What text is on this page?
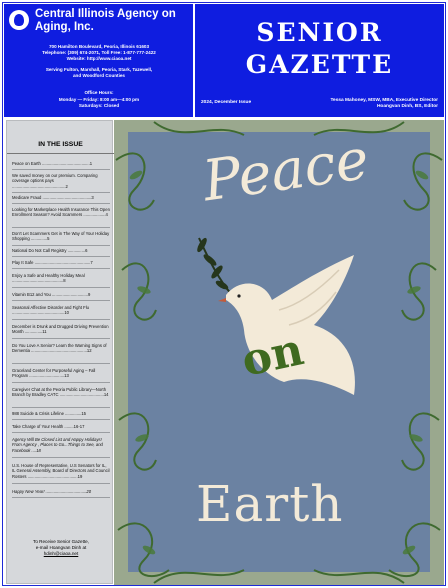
Central Illinois Agency on Aging, Inc.
700 Hamilton Boulevard, Peoria, Illinois 61603
Telephone: (309) 674-2071, Toll Free: 1-877-777-2422
Website: http://www.ciaoa.net
Serving Fulton, Marshall, Peoria, Stark, Tazewell,
and Woodford Counties
Office Hours:
Monday — Friday: 8:00 am—4:00 pm
Saturdays: Closed
SENIOR
GAZETTE
2024, December Issue	Tessa Mahoney, MSW, MBA, Executive Director
Hoangvan Dinh, BS, Editor
IN THE ISSUE
Peace on Earth .........................................1
We saved money on our premium. Comparing coverage options pays ..............................................2
Medicare Fraud ..........................................3
Looking for Marketplace Health Insurance This Open Enrollment Season? Avoid Scammers ...................4
Don't Let Scammers Get in The Way of Your Holiday Shopping ..............5
National Do Not Call Registry ...............6
Play It Safe ................................................7
Enjoy a Safe and Healthy Holiday Meal ............................................8
Vitamin B12 and You ...............................9
Seasonal Affective Disorder and Fight Flu .............................................10
December is Drunk and Drugged Driving Prevention Month ...............11
Do You Love A Senior? Learn the Warning Signs of Dementia ................................................12
Graceland Center for Purposeful Aging – Fall Program ..............................13
Caregiver Chat at the Peoria Public Library—North Branch by Bradley CATC ......................................14
988 Suicide & Crisis Lifeline ..............15
Take Charge of Your Health ........16-17
Agency Will Be Closed List and Happy Holidays! From Agency , Places to Go...Things to See, and Facebook ....18
U.S. House of Representative, U.S Senators for IL, IL General Assembly, Board of Directors and Council Rosters ...........................................19
Happy New Year! ...................................20
To Receive Senior Gazette,
e-mail Hoangvan Dinh at
hdinh@ciaoa.net
Peace
on
Earth
